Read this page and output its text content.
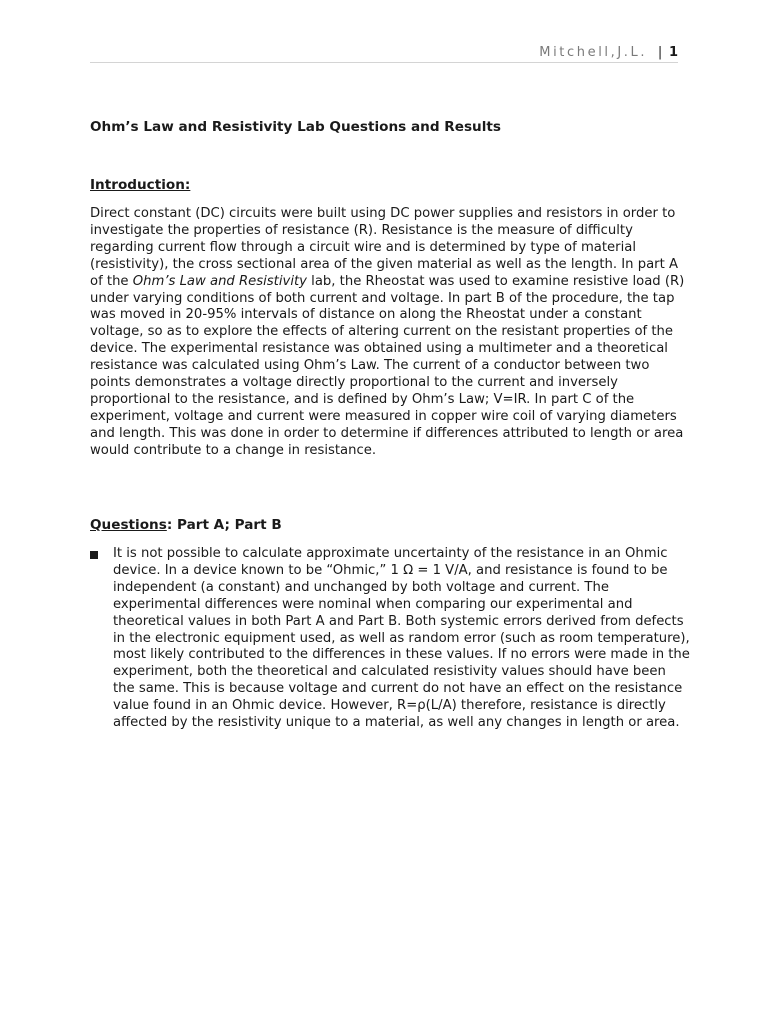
Mitchell,J.L. | 1
Ohm’s Law and Resistivity Lab Questions and Results
Introduction:

Direct constant (DC) circuits were built using DC power supplies and resistors in order to investigate the properties of resistance (R). Resistance is the measure of difficulty regarding current flow through a circuit wire and is determined by type of material (resistivity), the cross sectional area of the given material as well as the length. In part A of the Ohm’s Law and Resistivity lab, the Rheostat was used to examine resistive load (R) under varying conditions of both current and voltage. In part B of the procedure, the tap was moved in 20-95% intervals of distance on along the Rheostat under a constant voltage, so as to explore the effects of altering current on the resistant properties of the device. The experimental resistance was obtained using a multimeter and a theoretical resistance was calculated using Ohm’s Law. The current of a conductor between two points demonstrates a voltage directly proportional to the current and inversely proportional to the resistance, and is defined by Ohm’s Law; V=IR. In part C of the experiment, voltage and current were measured in copper wire coil of varying diameters and length. This was done in order to determine if differences attributed to length or area would contribute to a change in resistance.

Questions: Part A; Part B
It is not possible to calculate approximate uncertainty of the resistance in an Ohmic device. In a device known to be “Ohmic,” 1 Ω = 1 V/A, and resistance is found to be independent (a constant) and unchanged by both voltage and current. The experimental differences were nominal when comparing our experimental and theoretical values in both Part A and Part B. Both systemic errors derived from defects in the electronic equipment used, as well as random error (such as room temperature), most likely contributed to the differences in these values. If no errors were made in the experiment, both the theoretical and calculated resistivity values should have been the same. This is because voltage and current do not have an effect on the resistance value found in an Ohmic device. However, R=ρ(L/A) therefore, resistance is directly affected by the resistivity unique to a material, as well any changes in length or area.
